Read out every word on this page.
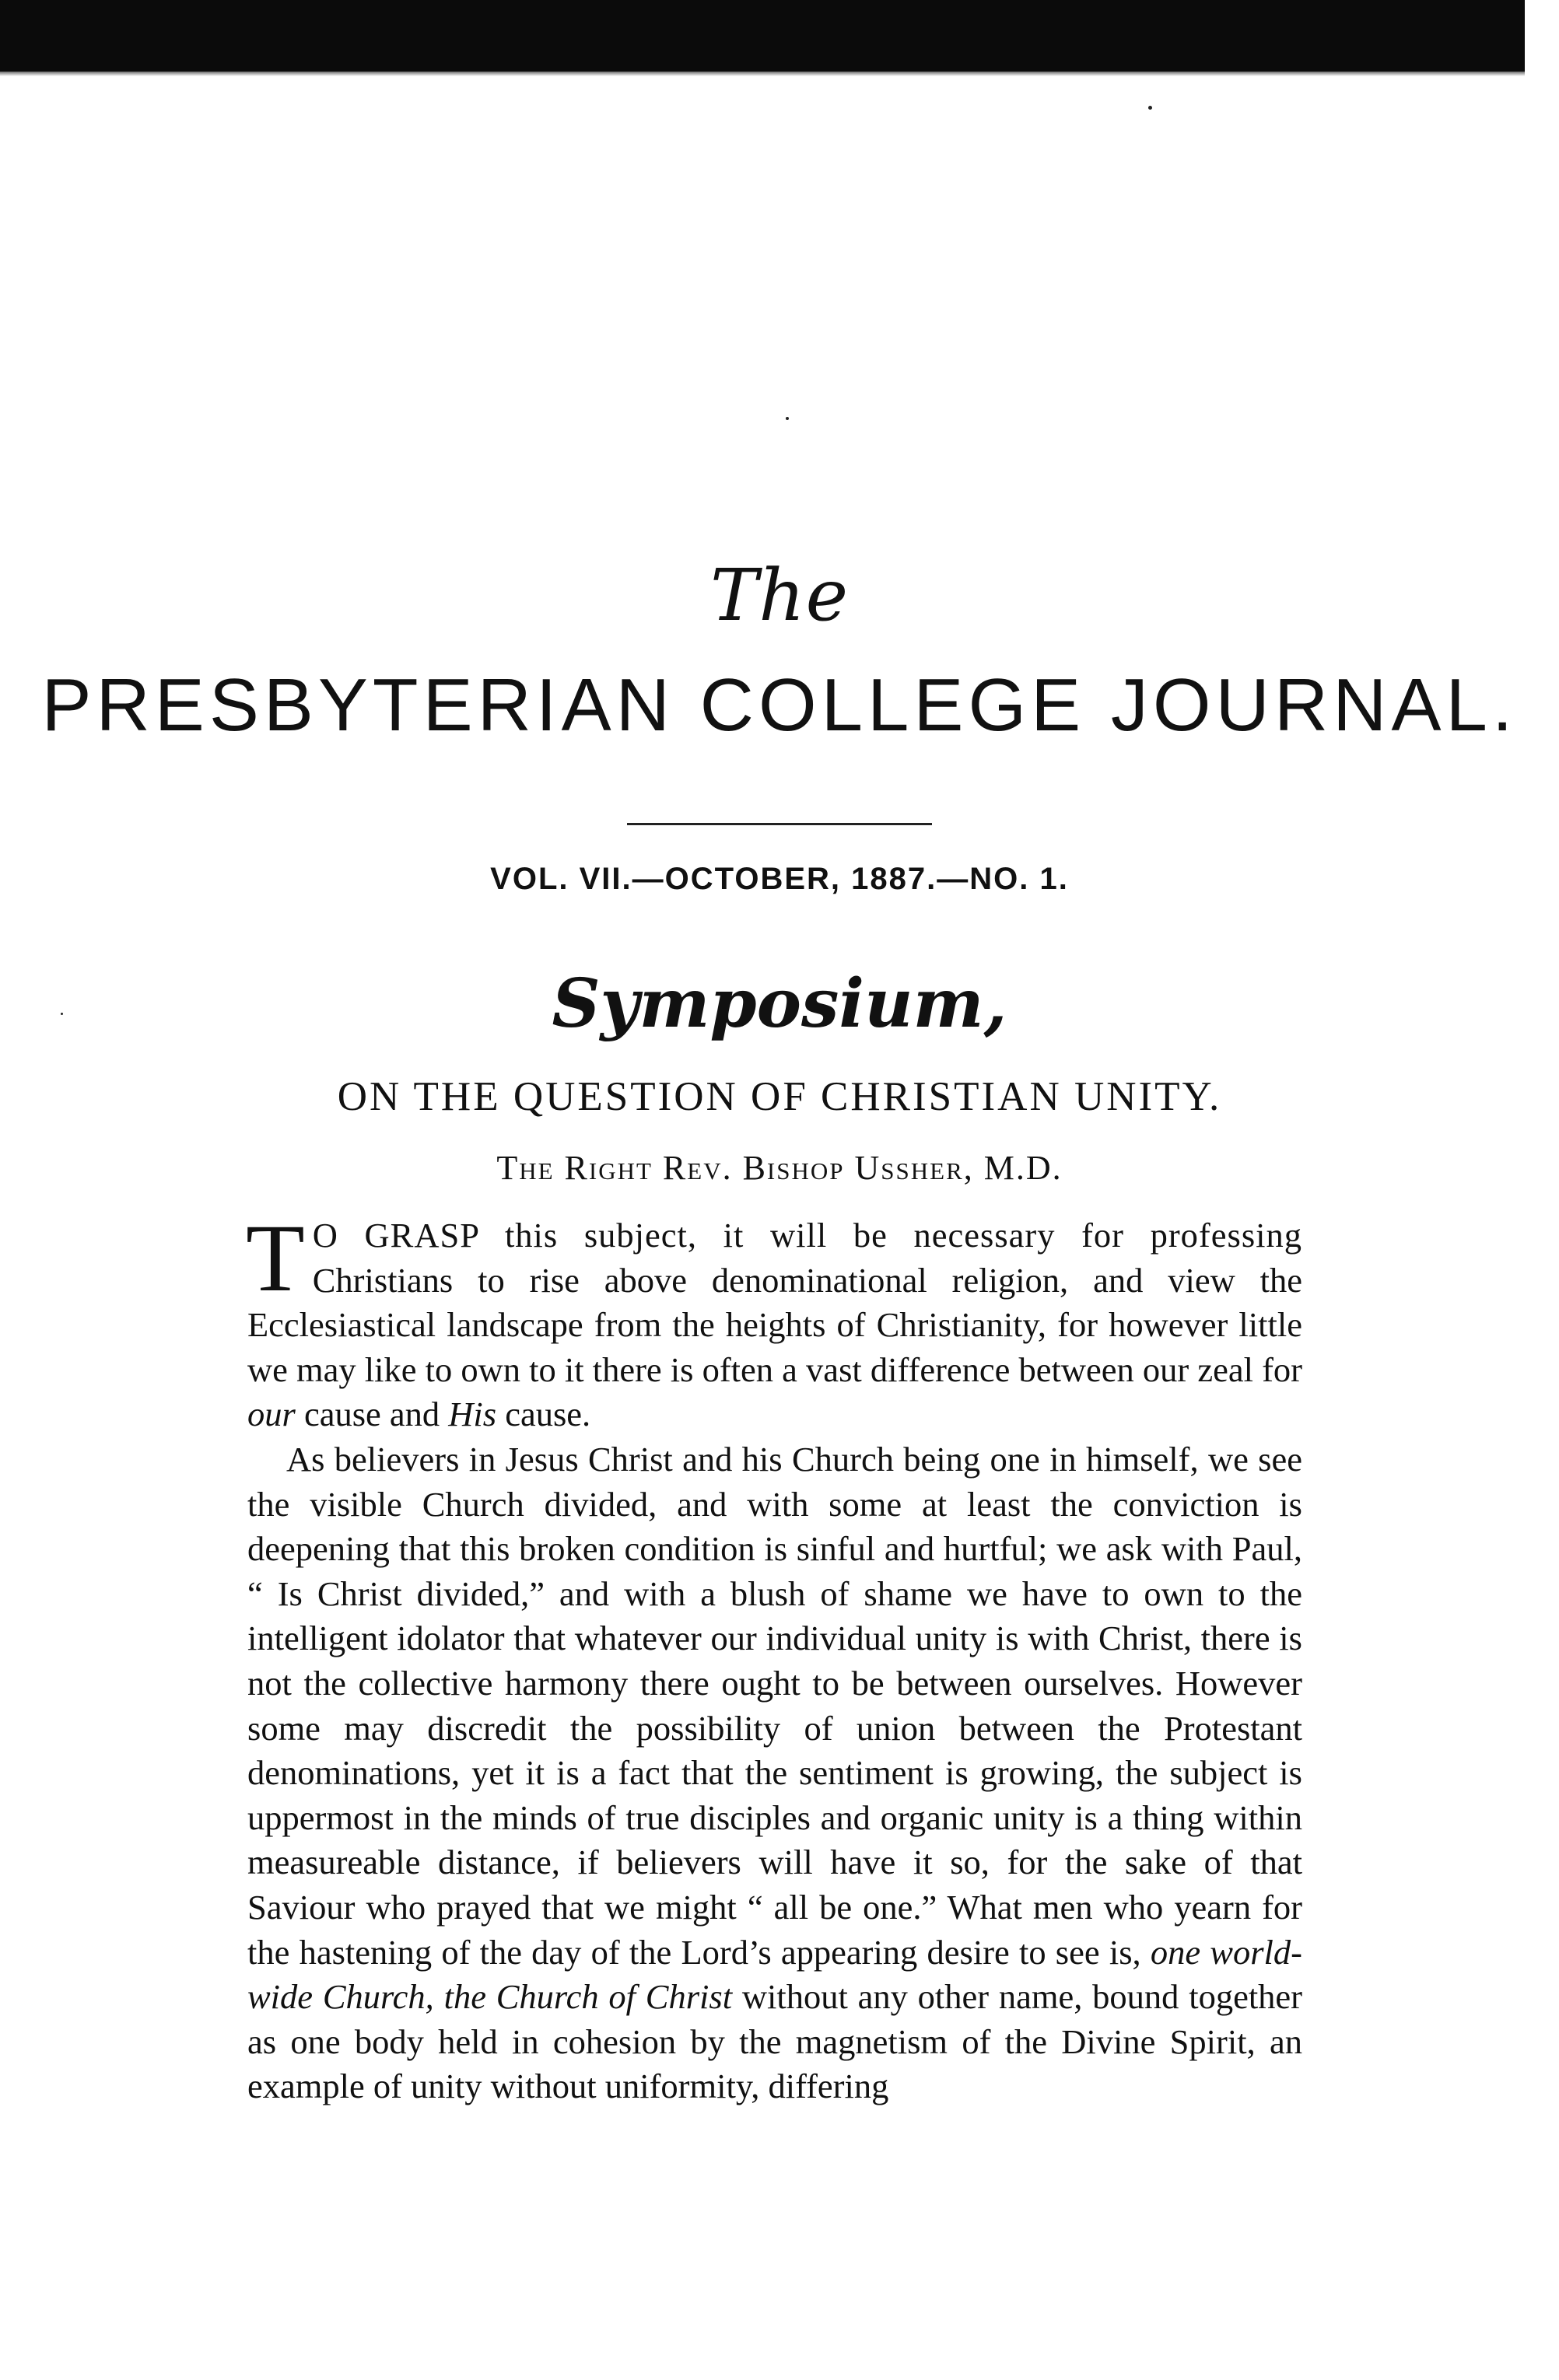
The
PRESBYTERIAN COLLEGE JOURNAL.
VOL. VII.—OCTOBER, 1887.—NO. 1.
Symposium,
ON THE QUESTION OF CHRISTIAN UNITY.
The Right Rev. Bishop Ussher, M.D.

T O GRASP this subject, it will be necessary for professing Christians to rise above denominational religion, and view the Ecclesiastical landscape from the heights of Christianity, for however little we may like to own to it there is often a vast difference between our zeal for our cause and His cause.

As believers in Jesus Christ and his Church being one in himself, we see the visible Church divided, and with some at least the conviction is deepening that this broken condition is sinful and hurtful; we ask with Paul, “ Is Christ divided,” and with a blush of shame we have to own to the intelligent idolator that whatever our individual unity is with Christ, there is not the collective harmony there ought to be between ourselves. However some may discredit the possibility of union between the Protestant denominations, yet it is a fact that the sentiment is growing, the subject is uppermost in the minds of true disciples and organic unity is a thing within measureable distance, if believers will have it so, for the sake of that Saviour who prayed that we might “ all be one.” What men who yearn for the hastening of the day of the Lord’s appearing desire to see is, one world-wide Church, the Church of Christ without any other name, bound together as one body held in cohesion by the magnetism of the Divine Spirit, an example of unity without uniformity, differing
